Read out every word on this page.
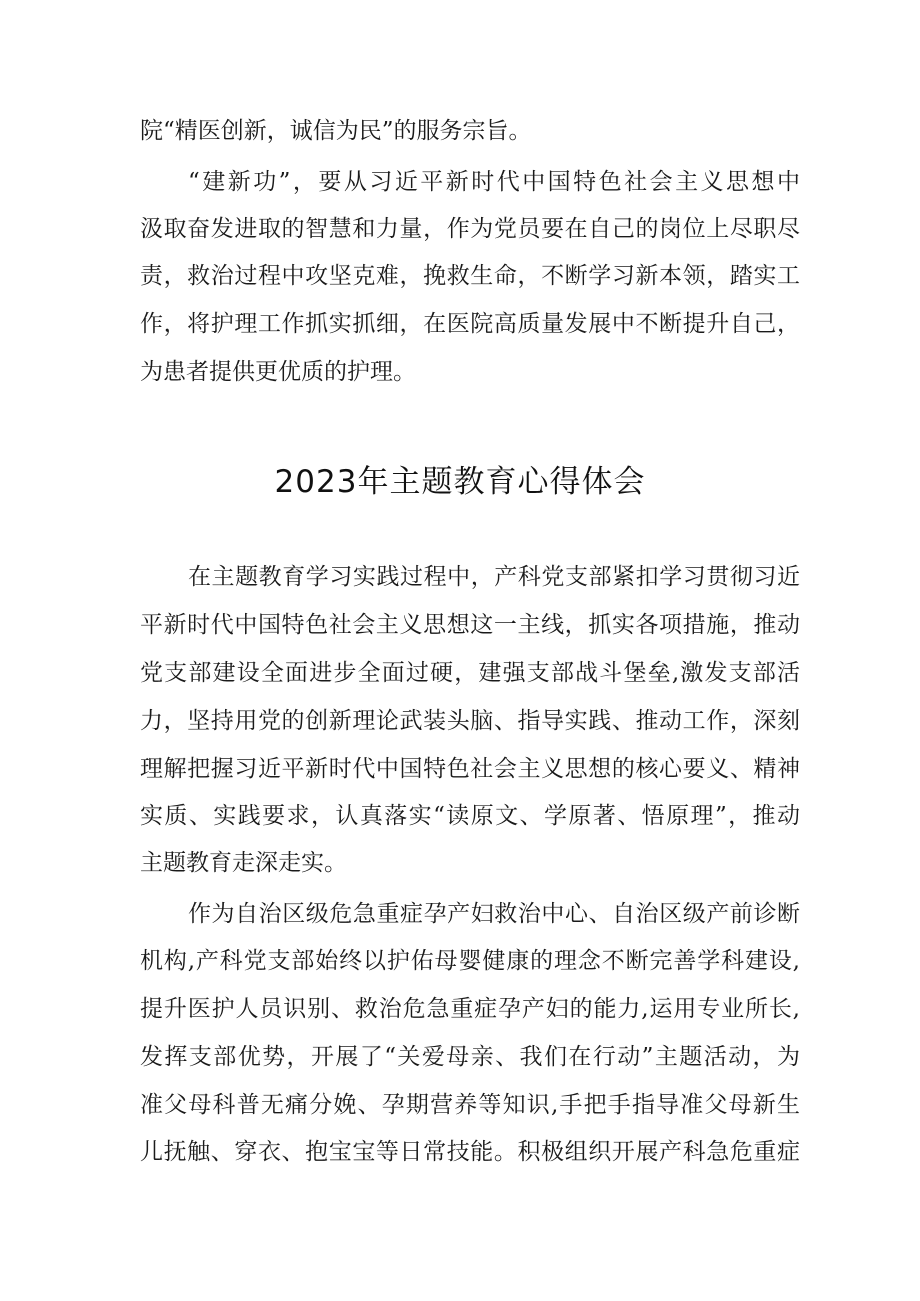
院“精医创新，诚信为民”的服务宗旨。
“建新功”，要从习近平新时代中国特色社会主义思想中
汲取奋发进取的智慧和力量，作为党员要在自己的岗位上尽职尽
责，救治过程中攻坚克难，挽救生命，不断学习新本领，踏实工
作，将护理工作抓实抓细，在医院高质量发展中不断提升自己，
为患者提供更优质的护理。
2023年主题教育心得体会
在主题教育学习实践过程中，产科党支部紧扣学习贯彻习近
平新时代中国特色社会主义思想这一主线，抓实各项措施，推动
党支部建设全面进步全面过硬，建强支部战斗堡垒,激发支部活
力，坚持用党的创新理论武装头脑、指导实践、推动工作，深刻
理解把握习近平新时代中国特色社会主义思想的核心要义、精神
实质、实践要求，认真落实“读原文、学原著、悟原理”，推动
主题教育走深走实。
作为自治区级危急重症孕产妇救治中心、自治区级产前诊断
机构,产科党支部始终以护佑母婴健康的理念不断完善学科建设,
提升医护人员识别、救治危急重症孕产妇的能力,运用专业所长,
发挥支部优势，开展了“关爱母亲、我们在行动”主题活动，为
准父母科普无痛分娩、孕期营养等知识,手把手指导准父母新生
儿抚触、穿衣、抱宝宝等日常技能。积极组织开展产科急危重症
